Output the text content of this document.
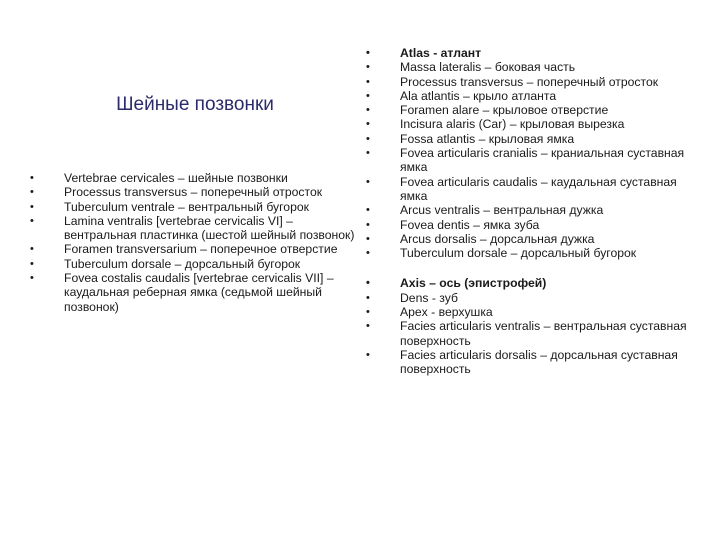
Шейные позвонки
• Vertebrae cervicales – шейные позвонки
• Processus transversus – поперечный отросток
• Tuberculum ventrale – вентральный бугорок
• Lamina ventralis [vertebrae cervicalis VI] – вентральная пластинка (шестой шейный позвонок)
• Foramen transversarium – поперечное отверстие
• Tuberculum dorsale – дорсальный бугорок
• Fovea costalis caudalis [vertebrae cervicalis VII] – каудальная реберная ямка (седьмой шейный позвонок)
• Atlas - атлант
• Massa lateralis – боковая часть
• Processus transversus – поперечный отросток
• Ala atlantis – крыло атланта
• Foramen alare – крыловое отверстие
• Incisura alaris (Car) – крыловая вырезка
• Fossa atlantis – крыловая ямка
• Fovea articularis cranialis – краниальная суставная ямка
• Fovea articularis caudalis – каудальная суставная ямка
• Arcus ventralis – вентральная дужка
• Fovea dentis – ямка зуба
• Arcus dorsalis – дорсальная дужка
• Tuberculum dorsale – дорсальный бугорок
• Axis – ось (эпистрофей)
• Dens - зуб
• Apex - верхушка
• Facies articularis ventralis – вентральная суставная поверхность
• Facies articularis dorsalis – дорсальная суставная поверхность
